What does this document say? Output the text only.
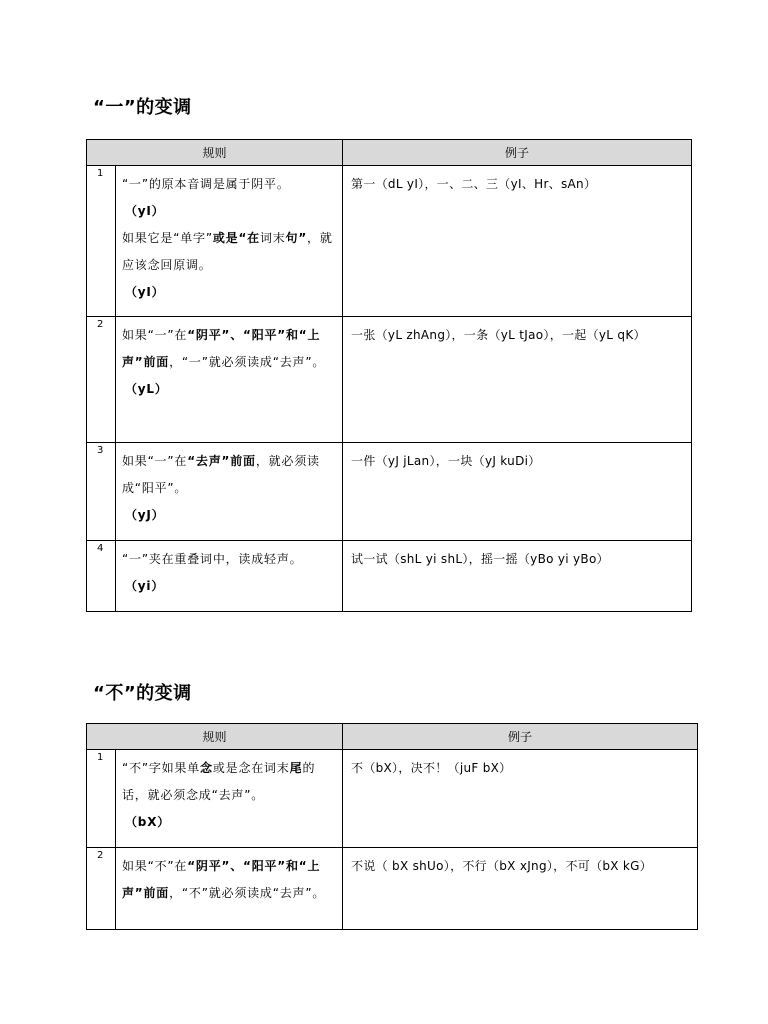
“一”的变调
规则		例子
1	“一”的原本音调是属于阴平。
（yI）
如果它是“单字”或是“在词末句”，就应该念回原调。
（yI）	第一（dL yI），一、二、三（yI、Hr、sAn）
2	如果“一”在“阴平”、“阳平”和“上声”前面，“一”就必须读成“去声”。
（yL）	一张（yL zhAng），一条（yL tJao），一起（yL qK）
3	如果“一”在“去声”前面，就必须读成“阳平”。
（yJ）	一件（yJ jLan），一块（yJ kuDi）
4	“一”夹在重叠词中，读成轻声。
（yi）	试一试（shL yi shL），摇一摇（yBo yi yBo）
“不”的变调
规则		例子
1	“不”字如果单念或是念在词末尾的话，就必须念成“去声”。
（bX）	不（bX），决不！（juF bX）
2	如果“不”在“阴平”、“阳平”和“上声”前面，“不”就必须读成“去声”。	不说（ bX shUo），不行（bX xJng），不可（bX kG）
